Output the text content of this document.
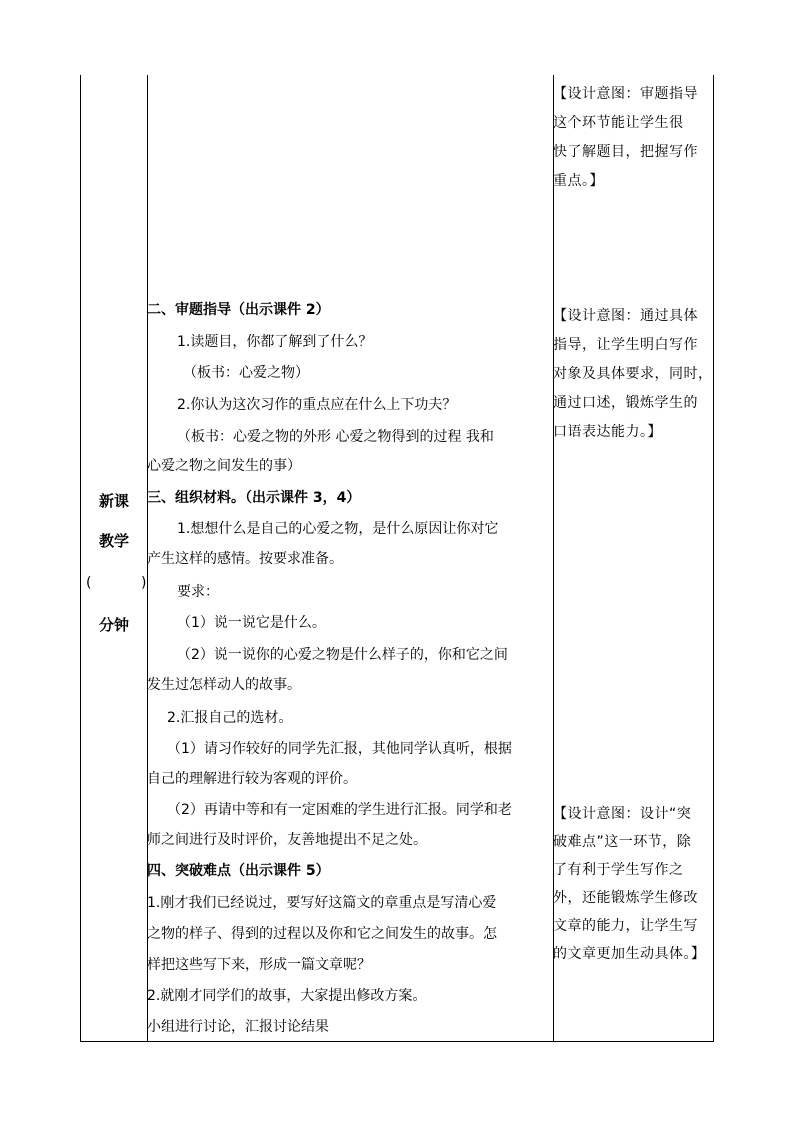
新课
教学
(	)
分钟
二、审题指导（出示课件 2）
1.读题目，你都了解到了什么？
（板书：心爱之物）
2.你认为这次习作的重点应在什么上下功夫？
（板书：心爱之物的外形 心爱之物得到的过程 我和
心爱之物之间发生的事）
三、组织材料。（出示课件 3，4）
1.想想什么是自己的心爱之物，是什么原因让你对它
产生这样的感情。按要求准备。
要求：
（1）说一说它是什么。
（2）说一说你的心爱之物是什么样子的，你和它之间
发生过怎样动人的故事。
2.汇报自己的选材。
（1）请习作较好的同学先汇报，其他同学认真听，根据
自己的理解进行较为客观的评价。
（2）再请中等和有一定困难的学生进行汇报。同学和老
师之间进行及时评价，友善地提出不足之处。
四、突破难点（出示课件 5）
1.刚才我们已经说过，要写好这篇文的章重点是写清心爱
之物的样子、得到的过程以及你和它之间发生的故事。怎
样把这些写下来，形成一篇文章呢？
2.就刚才同学们的故事，大家提出修改方案。
小组进行讨论，汇报讨论结果
【设计意图：审题指导
这个环节能让学生很
快了解题目，把握写作
重点。】
【设计意图：通过具体
指导，让学生明白写作
对象及具体要求，同时，
通过口述，锻炼学生的
口语表达能力。】
【设计意图：设计“突
破难点”这一环节，除
了有利于学生写作之
外，还能锻炼学生修改
文章的能力，让学生写
的文章更加生动具体。】
